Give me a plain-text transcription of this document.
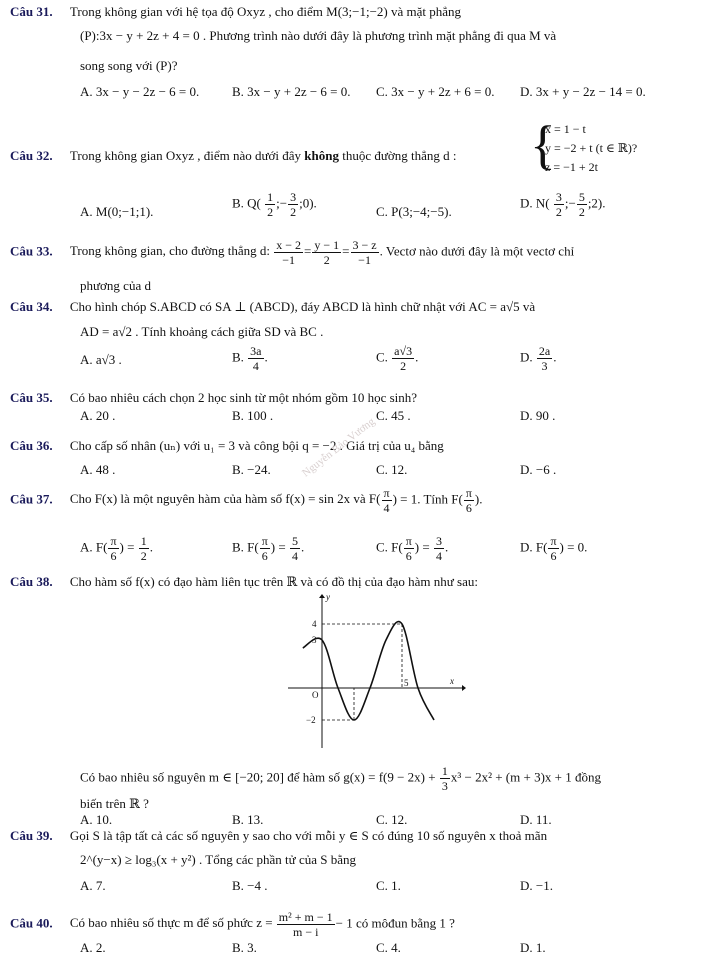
Câu 31. Trong không gian với hệ tọa độ Oxyz , cho điểm M(3;−1;−2) và mặt phẳng
(P):3x − y + 2z + 4 = 0 . Phương trình nào dưới đây là phương trình mặt phẳng đi qua M và
song song với (P)?
A. 3x − y − 2z − 6 = 0.	B. 3x − y + 2z − 6 = 0. C. 3x − y + 2z + 6 = 0. D. 3x + y − 2z − 14 = 0.
Câu 32. Trong không gian Oxyz , điểm nào dưới đây không thuộc đường thẳng d : {
x = 1 − t
y = −2 + t (t ∈ ℝ)?
z = −1 + 2t
A. M(0;−1;1).
B. $Q( \frac{1}{2}$ ;− $\frac{3}{2}$ ;0).
C. P(3;−4;−5).
D. $N( \frac{3}{2}$ ;− $\frac{5}{2}$ ;2).
Câu 33. Trong không gian, cho đường thẳng d: $\frac{x - 2}{-1} = \frac{y - 1}{2} = \frac{3 - z}{-1}$ . Vectơ nào dưới đây là một vectơ chỉ
phương của d
Câu 34. Cho hình chóp S.ABCD có SA ⊥ (ABCD), đáy ABCD là hình chữ nhật với AC = a√5 và
AD = a√2 . Tính khoảng cách giữa SD và BC .
A. a√3 .	B. $\frac{3a}{4}$ .	C. $\frac{a√3}{2}$ .	D. $\frac{2a}{3}$ .
Câu 35. Có bao nhiêu cách chọn 2 học sinh từ một nhóm gồm 10 học sinh?
A. 20 .	B. 100 .	C. 45 .	D. 90 .
Câu 36. Cho cấp số nhân (uₙ) với u₁ = 3 và công bội q = −2 . Giá trị của u₄ bằng
A. 48 .	B. −24.	C. 12.	D. −6 .
Nguyễn Bảo Vương
Câu 37. Cho F(x) là một nguyên hàm của hàm số f(x) = sin 2x và $F( \frac{\pi}{4}$ ) = 1. Tính $F( \frac{\pi}{6}$ ).
A. $F( \frac{\pi}{6}$ ) = $\frac{1}{2}$ .	B. $F( \frac{\pi}{6}$ ) = $\frac{5}{4}$ .	C. $F( \frac{\pi}{6}$ ) = $\frac{3}{4}$ .	D. $F( \frac{\pi}{6}$ ) = 0.
Câu 38. Cho hàm số f(x) có đạo hàm liên tục trên ℝ và có đồ thị của đạo hàm như sau:
y
4
3
−2
O
5	x
Có bao nhiêu số nguyên m ∈ [−20; 20] để hàm số $g(x) = f(9 - 2x) + \frac{1}{3} x^3 - 2x^2 + (m + 3)x + 1$ đồng
biến trên ℝ ?
A. 10.	B. 13.	C. 12.	D. 11.
Câu 39. Gọi S là tập tất cả các số nguyên y sao cho với mỗi y ∈ S có đúng 10 số nguyên x thoả mãn
2^(y−x) ≥ log₃(x + y²) . Tổng các phần tử của S bằng
A. 7.	B. −4 .	C. 1.	D. −1.
Câu 40. Có bao nhiêu số thực m để số phức $z = \frac{\text{m² + m − 1}}{m - i} - 1$ có môđun bằng 1 ?
A. 2.	B. 3.	C. 4.	D. 1.
